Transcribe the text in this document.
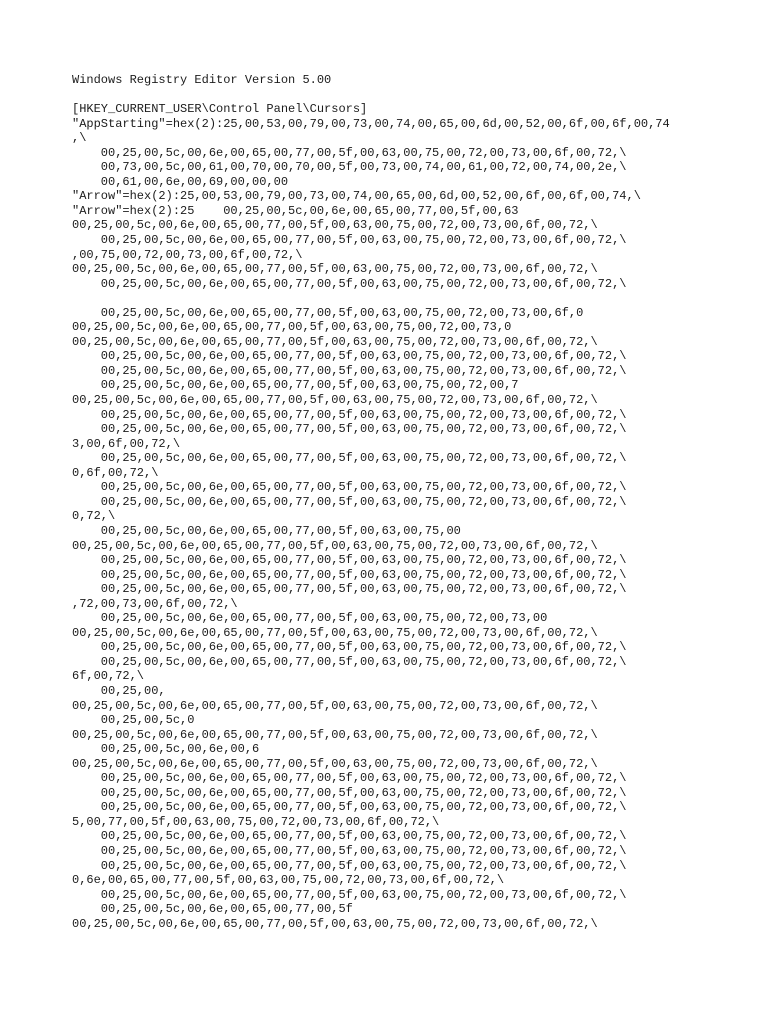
Windows Registry Editor Version 5.00
[HKEY_CURRENT_USER\Control Panel\Cursors]
"AppStarting"=hex(2):25,00,53,00,79,00,73,00,74,00,65,00,6d,00,52,00,6f,00,6f,00,74
,\
00,25,00,5c,00,6e,00,65,00,77,00,5f,00,63,00,75,00,72,00,73,00,6f,00,72,\
00,73,00,5c,00,61,00,70,00,70,00,5f,00,73,00,74,00,61,00,72,00,74,00,2e,\
00,61,00,6e,00,69,00,00,00
"Arrow"=hex(2):25,00,53,00,79,00,73,00,74,00,65,00,6d,00,52,00,6f,00,6f,00,74,\
"Arrow"=hex(2):25    00,25,00,5c,00,6e,00,65,00,77,00,5f,00,63
00,25,00,5c,00,6e,00,65,00,77,00,5f,00,63,00,75,00,72,00,73,00,6f,00,72,\
00,25,00,5c,00,6e,00,65,00,77,00,5f,00,63,00,75,00,72,00,73,00,6f,00,72,\
,00,75,00,72,00,73,00,6f,00,72,\
00,25,00,5c,00,6e,00,65,00,77,00,5f,00,63,00,75,00,72,00,73,00,6f,00,72,\
00,25,00,5c,00,6e,00,65,00,77,00,5f,00,63,00,75,00,72,00,73,00,6f,00,72,\
00,25,00,5c,00,6e,00,65,00,77,00,5f,00,63,00,75,00,72,00,73,00,6f,0
00,25,00,5c,00,6e,00,65,00,77,00,5f,00,63,00,75,00,72,00,73,0
00,25,00,5c,00,6e,00,65,00,77,00,5f,00,63,00,75,00,72,00,73,00,6f,00,72,\
00,25,00,5c,00,6e,00,65,00,77,00,5f,00,63,00,75,00,72,00,73,00,6f,00,72,\
00,25,00,5c,00,6e,00,65,00,77,00,5f,00,63,00,75,00,72,00,73,00,6f,00,72,\
00,25,00,5c,00,6e,00,65,00,77,00,5f,00,63,00,75,00,72,00,7
00,25,00,5c,00,6e,00,65,00,77,00,5f,00,63,00,75,00,72,00,73,00,6f,00,72,\
00,25,00,5c,00,6e,00,65,00,77,00,5f,00,63,00,75,00,72,00,73,00,6f,00,72,\
00,25,00,5c,00,6e,00,65,00,77,00,5f,00,63,00,75,00,72,00,73,00,6f,00,72,\
3,00,6f,00,72,\
00,25,00,5c,00,6e,00,65,00,77,00,5f,00,63,00,75,00,72,00,73,00,6f,00,72,\
0,6f,00,72,\
00,25,00,5c,00,6e,00,65,00,77,00,5f,00,63,00,75,00,72,00,73,00,6f,00,72,\
00,25,00,5c,00,6e,00,65,00,77,00,5f,00,63,00,75,00,72,00,73,00,6f,00,72,\
0,72,\
00,25,00,5c,00,6e,00,65,00,77,00,5f,00,63,00,75,00
00,25,00,5c,00,6e,00,65,00,77,00,5f,00,63,00,75,00,72,00,73,00,6f,00,72,\
00,25,00,5c,00,6e,00,65,00,77,00,5f,00,63,00,75,00,72,00,73,00,6f,00,72,\
00,25,00,5c,00,6e,00,65,00,77,00,5f,00,63,00,75,00,72,00,73,00,6f,00,72,\
00,25,00,5c,00,6e,00,65,00,77,00,5f,00,63,00,75,00,72,00,73,00,6f,00,72,\
,72,00,73,00,6f,00,72,\
00,25,00,5c,00,6e,00,65,00,77,00,5f,00,63,00,75,00,72,00,73,00
00,25,00,5c,00,6e,00,65,00,77,00,5f,00,63,00,75,00,72,00,73,00,6f,00,72,\
00,25,00,5c,00,6e,00,65,00,77,00,5f,00,63,00,75,00,72,00,73,00,6f,00,72,\
00,25,00,5c,00,6e,00,65,00,77,00,5f,00,63,00,75,00,72,00,73,00,6f,00,72,\
6f,00,72,\
00,25,00,
00,25,00,5c,00,6e,00,65,00,77,00,5f,00,63,00,75,00,72,00,73,00,6f,00,72,\
00,25,00,5c,0
00,25,00,5c,00,6e,00,65,00,77,00,5f,00,63,00,75,00,72,00,73,00,6f,00,72,\
00,25,00,5c,00,6e,00,6
00,25,00,5c,00,6e,00,65,00,77,00,5f,00,63,00,75,00,72,00,73,00,6f,00,72,\
00,25,00,5c,00,6e,00,65,00,77,00,5f,00,63,00,75,00,72,00,73,00,6f,00,72,\
00,25,00,5c,00,6e,00,65,00,77,00,5f,00,63,00,75,00,72,00,73,00,6f,00,72,\
00,25,00,5c,00,6e,00,65,00,77,00,5f,00,63,00,75,00,72,00,73,00,6f,00,72,\
5,00,77,00,5f,00,63,00,75,00,72,00,73,00,6f,00,72,\
00,25,00,5c,00,6e,00,65,00,77,00,5f,00,63,00,75,00,72,00,73,00,6f,00,72,\
00,25,00,5c,00,6e,00,65,00,77,00,5f,00,63,00,75,00,72,00,73,00,6f,00,72,\
00,25,00,5c,00,6e,00,65,00,77,00,5f,00,63,00,75,00,72,00,73,00,6f,00,72,\
0,6e,00,65,00,77,00,5f,00,63,00,75,00,72,00,73,00,6f,00,72,\
00,25,00,5c,00,6e,00,65,00,77,00,5f,00,63,00,75,00,72,00,73,00,6f,00,72,\
00,25,00,5c,00,6e,00,65,00,77,00,5f
00,25,00,5c,00,6e,00,65,00,77,00,5f,00,63,00,75,00,72,00,73,00,6f,00,72,\
